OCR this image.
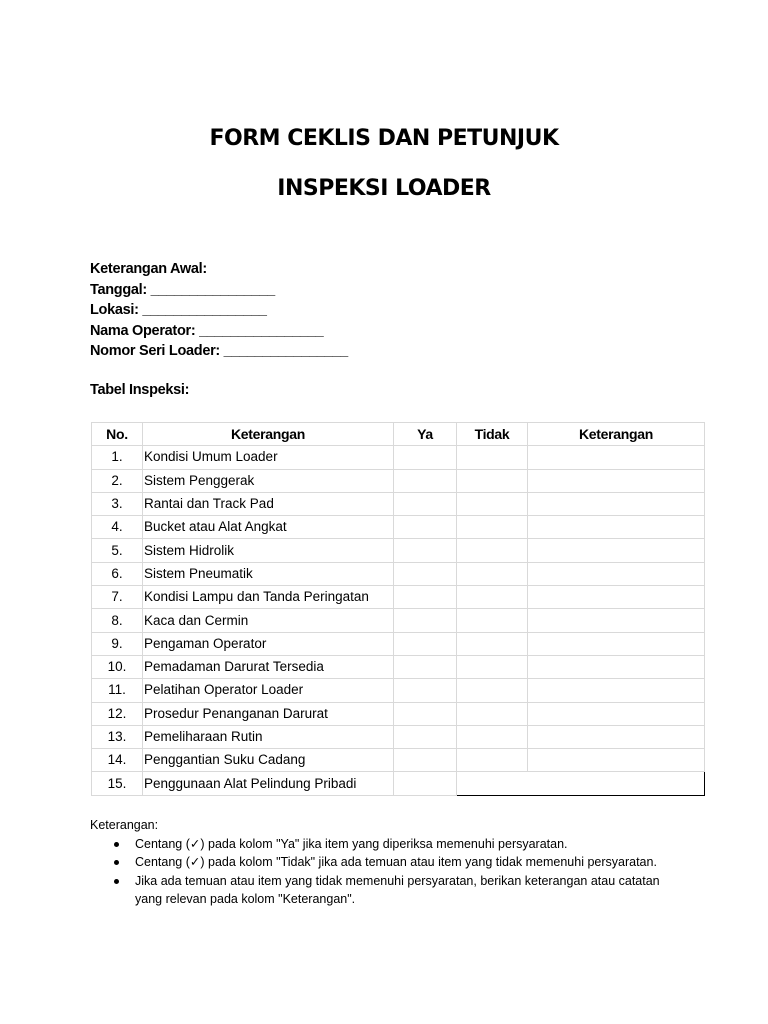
FORM CEKLIS DAN PETUNJUK
INSPEKSI LOADER
Keterangan Awal:
Tanggal: ________________
Lokasi: ________________
Nama Operator: ________________
Nomor Seri Loader: ________________
Tabel Inspeksi:
No.	Keterangan	Ya	Tidak	Keterangan
1.	Kondisi Umum Loader			
2.	Sistem Penggerak			
3.	Rantai dan Track Pad			
4.	Bucket atau Alat Angkat			
5.	Sistem Hidrolik			
6.	Sistem Pneumatik			
7.	Kondisi Lampu dan Tanda Peringatan			
8.	Kaca dan Cermin			
9.	Pengaman Operator			
10.	Pemadaman Darurat Tersedia			
11.	Pelatihan Operator Loader			
12.	Prosedur Penanganan Darurat			
13.	Pemeliharaan Rutin			
14.	Penggantian Suku Cadang			
15.	Penggunaan Alat Pelindung Pribadi			
Keterangan:
Centang (✓) pada kolom "Ya" jika item yang diperiksa memenuhi persyaratan.
Centang (✓) pada kolom "Tidak" jika ada temuan atau item yang tidak memenuhi persyaratan.
Jika ada temuan atau item yang tidak memenuhi persyaratan, berikan keterangan atau catatan yang relevan pada kolom "Keterangan".
